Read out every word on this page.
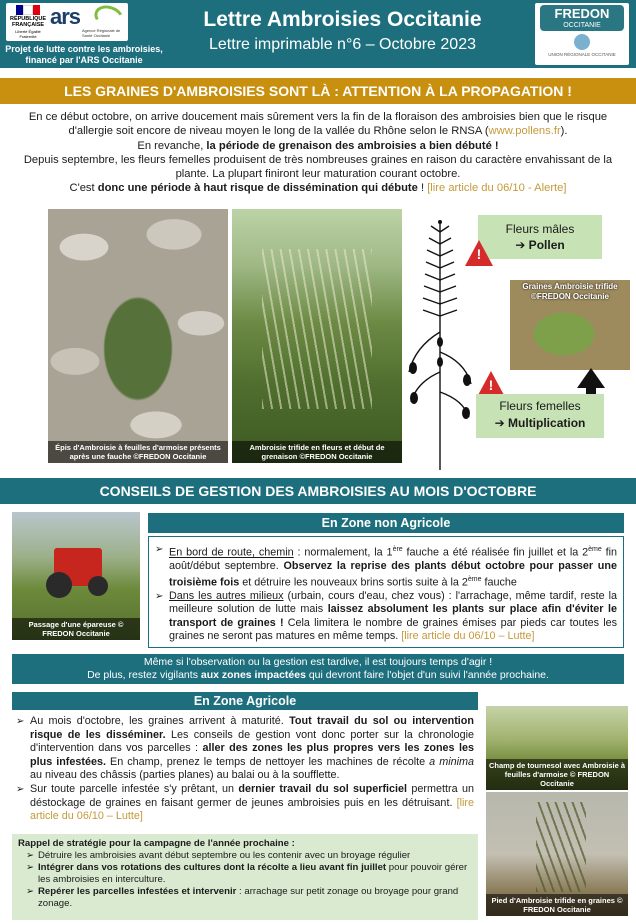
RÉPUBLIQUE FRANÇAISE
Liberté Égalité Fraternité
ars
Agence Régionale de Santé Occitanie
Projet de lutte contre les ambroisies, financé par l'ARS Occitanie
Lettre Ambroisies Occitanie
Lettre imprimable n°6 – Octobre 2023
FREDON
OCCITANIE
UNION RÉGIONALE OCCITANIE
LES GRAINES D'AMBROISIES SONT LÀ : ATTENTION À LA PROPAGATION !
En ce début octobre, on arrive doucement mais sûrement vers la fin de la floraison des ambroisies bien que le risque d'allergie soit encore de niveau moyen le long de la vallée du Rhône selon le RNSA (www.pollens.fr).
En revanche, la période de grenaison des ambroisies a bien débuté !
Depuis septembre, les fleurs femelles produisent de très nombreuses graines en raison du caractère envahissant de la plante. La plupart finiront leur maturation courant octobre.
C'est donc une période à haut risque de dissémination qui débute ! [lire article du 06/10 - Alerte]
Épis d'Ambroisie à feuilles d'armoise présents après une fauche ©FREDON Occitanie
Ambroisie trifide en fleurs et début de grenaison ©FREDON Occitanie
Fleurs mâles
➔ Pollen
!
Graines Ambroisie trifide ©FREDON Occitanie
!
Fleurs femelles
➔ Multiplication
CONSEILS DE GESTION DES AMBROISIES AU MOIS D'OCTOBRE
Passage d'une épareuse © FREDON Occitanie
En Zone non Agricole
➢ En bord de route, chemin : normalement, la 1ère fauche a été réalisée fin juillet et la 2ème fin août/début septembre. Observez la reprise des plants début octobre pour passer une troisième fois et détruire les nouveaux brins sortis suite à la 2ème fauche
➢ Dans les autres milieux (urbain, cours d'eau, chez vous) : l'arrachage, même tardif, reste la meilleure solution de lutte mais laissez absolument les plants sur place afin d'éviter le transport de graines ! Cela limitera le nombre de graines émises par pieds car toutes les graines ne seront pas matures en même temps. [lire article du 06/10 – Lutte]
Même si l'observation ou la gestion est tardive, il est toujours temps d'agir !
De plus, restez vigilants aux zones impactées qui devront faire l'objet d'un suivi l'année prochaine.
En Zone Agricole
➢ Au mois d'octobre, les graines arrivent à maturité. Tout travail du sol ou intervention risque de les disséminer. Les conseils de gestion vont donc porter sur la chronologie d'intervention dans vos parcelles : aller des zones les plus propres vers les zones les plus infestées. En champ, prenez le temps de nettoyer les machines de récolte a minima au niveau des châssis (parties planes) au balai ou à la soufflette.
➢ Sur toute parcelle infestée s'y prêtant, un dernier travail du sol superficiel permettra un déstockage de graines en faisant germer de jeunes ambroisies puis en les détruisant. [lire article du 06/10 – Lutte]
Rappel de stratégie pour la campagne de l'année prochaine :
➢ Détruire les ambroisies avant début septembre ou les contenir avec un broyage régulier
➢ Intégrer dans vos rotations des cultures dont la récolte a lieu avant fin juillet pour pouvoir gérer les ambroisies en interculture.
➢ Repérer les parcelles infestées et intervenir : arrachage sur petit zonage ou broyage pour grand zonage.
Champ de tournesol avec Ambroisie à feuilles d'armoise © FREDON Occitanie
Pied d'Ambroisie trifide en graines © FREDON Occitanie
